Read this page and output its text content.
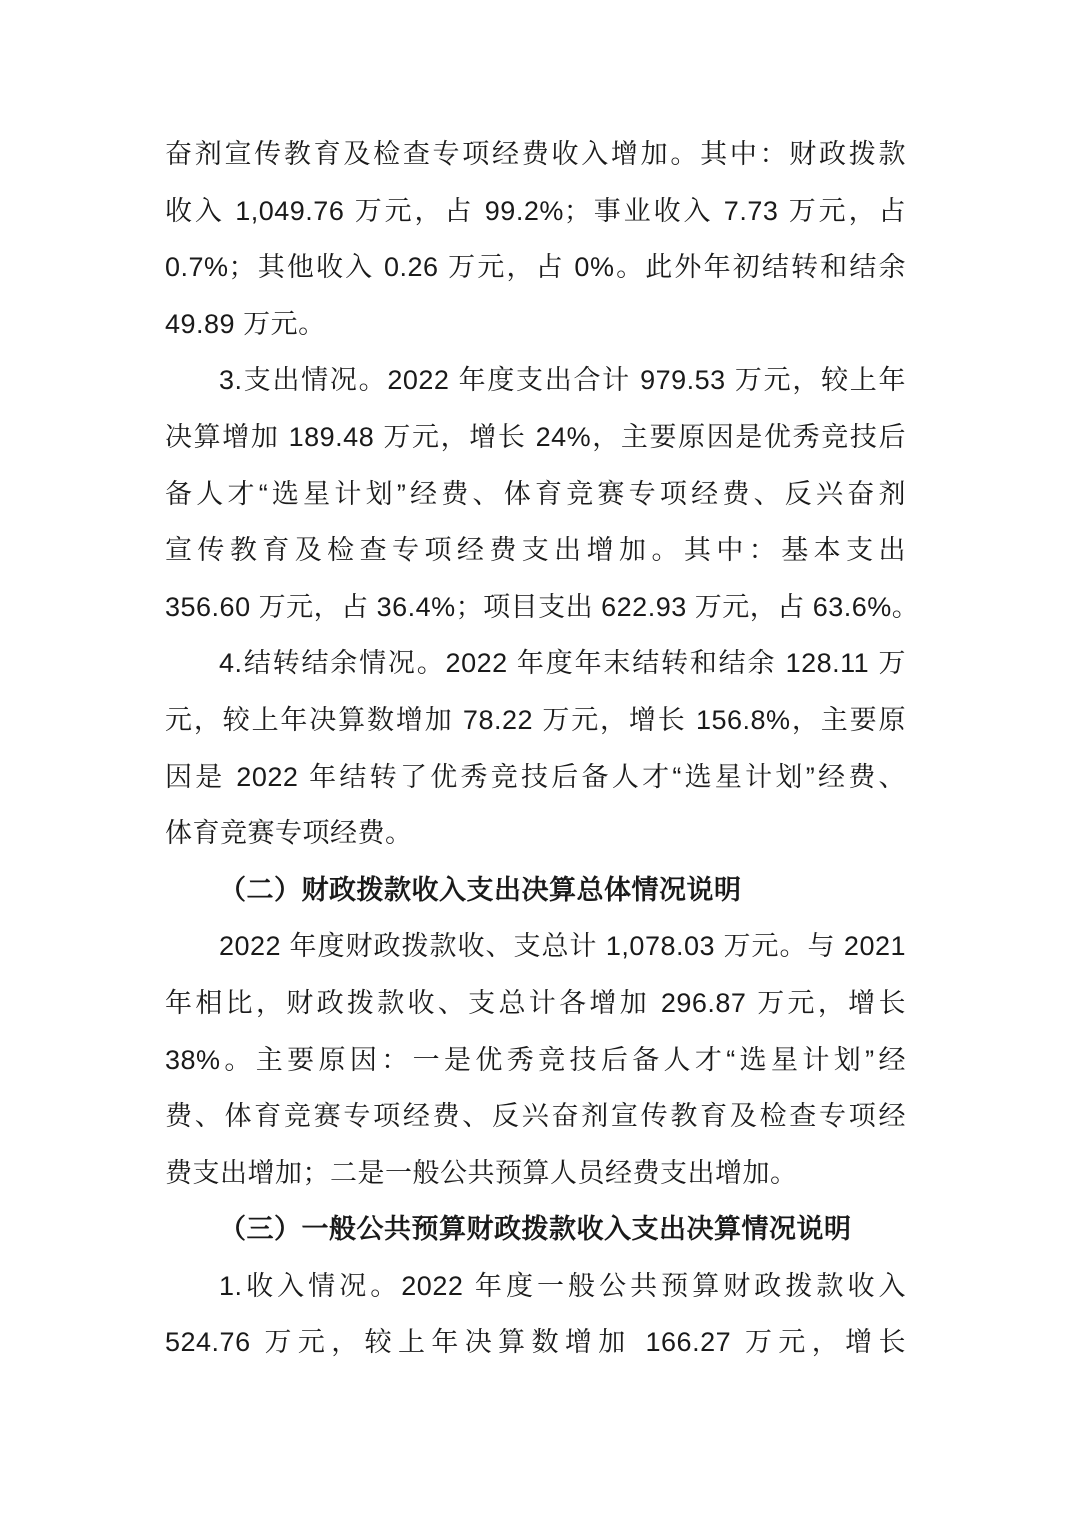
奋剂宣传教育及检查专项经费收入增加。其中：财政拨款
收入 1,049.76 万元，占 99.2%；事业收入 7.73 万元，占
0.7%；其他收入 0.26 万元，占 0%。此外年初结转和结余
49.89 万元。
3.支出情况。2022 年度支出合计 979.53 万元，较上年
决算增加 189.48 万元，增长 24%，主要原因是优秀竞技后
备人才“选星计划”经费、体育竞赛专项经费、反兴奋剂
宣传教育及检查专项经费支出增加。其中：基本支出
356.60 万元，占 36.4%；项目支出 622.93 万元，占 63.6%。
4.结转结余情况。2022 年度年末结转和结余 128.11 万
元，较上年决算数增加 78.22 万元，增长 156.8%，主要原
因是 2022 年结转了优秀竞技后备人才“选星计划”经费、
体育竞赛专项经费。
（二）财政拨款收入支出决算总体情况说明
2022 年度财政拨款收、支总计 1,078.03 万元。与 2021
年相比，财政拨款收、支总计各增加 296.87 万元，增长
38%。主要原因：一是优秀竞技后备人才“选星计划”经
费、体育竞赛专项经费、反兴奋剂宣传教育及检查专项经
费支出增加；二是一般公共预算人员经费支出增加。
（三）一般公共预算财政拨款收入支出决算情况说明
1.收入情况。2022 年度一般公共预算财政拨款收入
524.76 万元，较上年决算数增加 166.27 万元，增长
